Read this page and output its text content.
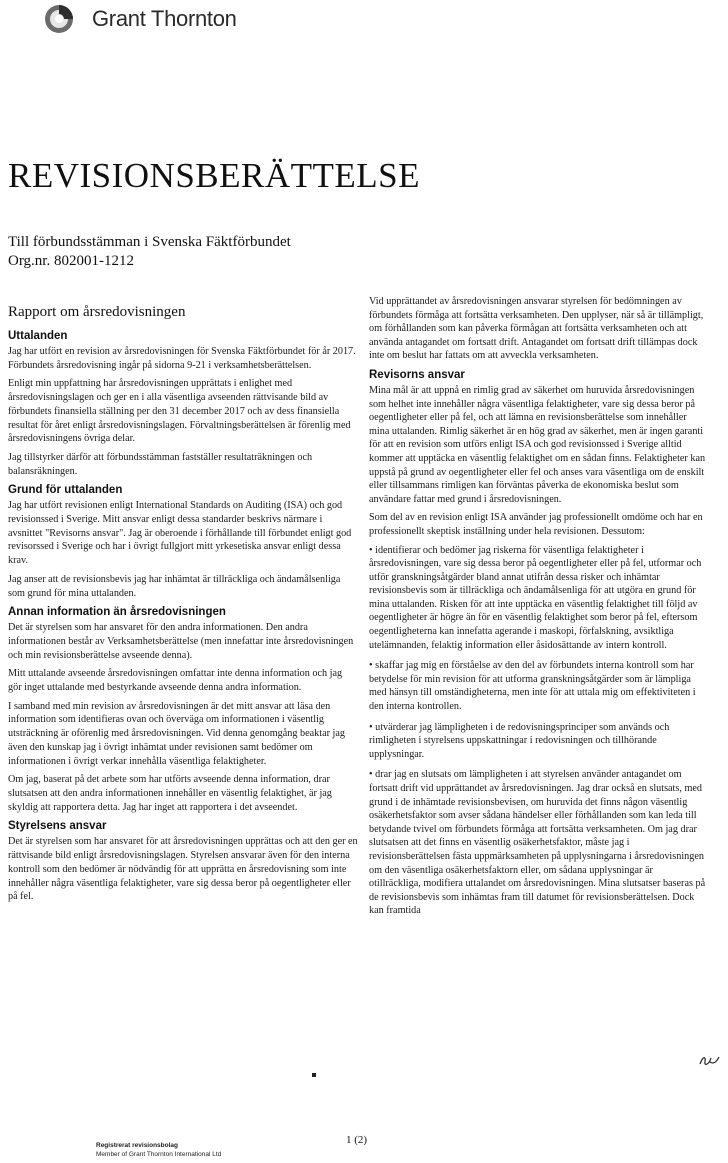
Grant Thornton
REVISIONSBERÄTTELSE
Till förbundsstämman i Svenska Fäktförbundet
Org.nr. 802001-1212
Rapport om årsredovisningen
Uttalanden

Jag har utfört en revision av årsredovisningen för Svenska Fäktförbundet för år 2017. Förbundets årsredovisning ingår på sidorna 9-21 i verksamhetsberättelsen.

Enligt min uppfattning har årsredovisningen upprättats i enlighet med årsredovisningslagen och ger en i alla väsentliga avseenden rättvisande bild av förbundets finansiella ställning per den 31 december 2017 och av dess finansiella resultat för året enligt årsredovisningslagen. Förvaltningsberättelsen är förenlig med årsredovisningens övriga delar.

Jag tillstyrker därför att förbundsstämman fastställer resultaträkningen och balansräkningen.

Grund för uttalanden

Jag har utfört revisionen enligt International Standards on Auditing (ISA) och god revisionssed i Sverige. Mitt ansvar enligt dessa standarder beskrivs närmare i avsnittet "Revisorns ansvar". Jag är oberoende i förhållande till förbundet enligt god revisorssed i Sverige och har i övrigt fullgjort mitt yrkesetiska ansvar enligt dessa krav.

Jag anser att de revisionsbevis jag har inhämtat är tillräckliga och ändamålsenliga som grund för mina uttalanden.

Annan information än årsredovisningen

Det är styrelsen som har ansvaret för den andra informationen. Den andra informationen består av Verksamhetsberättelse (men innefattar inte årsredovisningen och min revisionsberättelse avseende denna).

Mitt uttalande avseende årsredovisningen omfattar inte denna information och jag gör inget uttalande med bestyrkande avseende denna andra information.

I samband med min revision av årsredovisningen är det mitt ansvar att läsa den information som identifieras ovan och överväga om informationen i väsentlig utsträckning är oförenlig med årsredovisningen. Vid denna genomgång beaktar jag även den kunskap jag i övrigt inhämtat under revisionen samt bedömer om informationen i övrigt verkar innehålla väsentliga felaktigheter.

Om jag, baserat på det arbete som har utförts avseende denna information, drar slutsatsen att den andra informationen innehåller en väsentlig felaktighet, är jag skyldig att rapportera detta. Jag har inget att rapportera i det avseendet.

Styrelsens ansvar

Det är styrelsen som har ansvaret för att årsredovisningen upprättas och att den ger en rättvisande bild enligt årsredovisningslagen. Styrelsen ansvarar även för den interna kontroll som den bedömer är nödvändig för att upprätta en årsredovisning som inte innehåller några väsentliga felaktigheter, vare sig dessa beror på oegentligheter eller på fel.

Vid upprättandet av årsredovisningen ansvarar styrelsen för bedömningen av förbundets förmåga att fortsätta verksamheten. Den upplyser, när så är tillämpligt, om förhållanden som kan påverka förmågan att fortsätta verksamheten och att använda antagandet om fortsatt drift. Antagandet om fortsatt drift tillämpas dock inte om beslut har fattats om att avveckla verksamheten.

Revisorns ansvar

Mina mål är att uppnå en rimlig grad av säkerhet om huruvida årsredovisningen som helhet inte innehåller några väsentliga felaktigheter, vare sig dessa beror på oegentligheter eller på fel, och att lämna en revisionsberättelse som innehåller mina uttalanden. Rimlig säkerhet är en hög grad av säkerhet, men är ingen garanti för att en revision som utförs enligt ISA och god revisionssed i Sverige alltid kommer att upptäcka en väsentlig felaktighet om en sådan finns. Felaktigheter kan uppstå på grund av oegentligheter eller fel och anses vara väsentliga om de enskilt eller tillsammans rimligen kan förväntas påverka de ekonomiska beslut som användare fattar med grund i årsredovisningen.

Som del av en revision enligt ISA använder jag professionellt omdöme och har en professionellt skeptisk inställning under hela revisionen. Dessutom:

• identifierar och bedömer jag riskerna för väsentliga felaktigheter i årsredovisningen, vare sig dessa beror på oegentligheter eller på fel, utformar och utför granskningsåtgärder bland annat utifrån dessa risker och inhämtar revisionsbevis som är tillräckliga och ändamålsenliga för att utgöra en grund för mina uttalanden. Risken för att inte upptäcka en väsentlig felaktighet till följd av oegentligheter är högre än för en väsentlig felaktighet som beror på fel, eftersom oegentligheterna kan innefatta agerande i maskopi, förfalskning, avsiktliga utelämnanden, felaktig information eller åsidosättande av intern kontroll.
• skaffar jag mig en förståelse av den del av förbundets interna kontroll som har betydelse för min revision för att utforma granskningsåtgärder som är lämpliga med hänsyn till omständigheterna, men inte för att uttala mig om effektiviteten i den interna kontrollen.
• utvärderar jag lämpligheten i de redovisningsprinciper som används och rimligheten i styrelsens uppskattningar i redovisningen och tillhörande upplysningar.
• drar jag en slutsats om lämpligheten i att styrelsen använder antagandet om fortsatt drift vid upprättandet av årsredovisningen. Jag drar också en slutsats, med grund i de inhämtade revisionsbevisen, om huruvida det finns någon väsentlig osäkerhetsfaktor som avser sådana händelser eller förhållanden som kan leda till betydande tvivel om förbundets förmåga att fortsätta verksamheten. Om jag drar slutsatsen att det finns en väsentlig osäkerhetsfaktor, måste jag i revisionsberättelsen fästa uppmärksamheten på upplysningarna i årsredovisningen om den väsentliga osäkerhetsfaktorn eller, om sådana upplysningar är otillräckliga, modifiera uttalandet om årsredovisningen. Mina slutsatser baseras på de revisionsbevis som inhämtas fram till datumet för revisionsberättelsen. Dock kan framtida
Registrerat revisionsbolag
Member of Grant Thornton International Ltd
1 (2)
